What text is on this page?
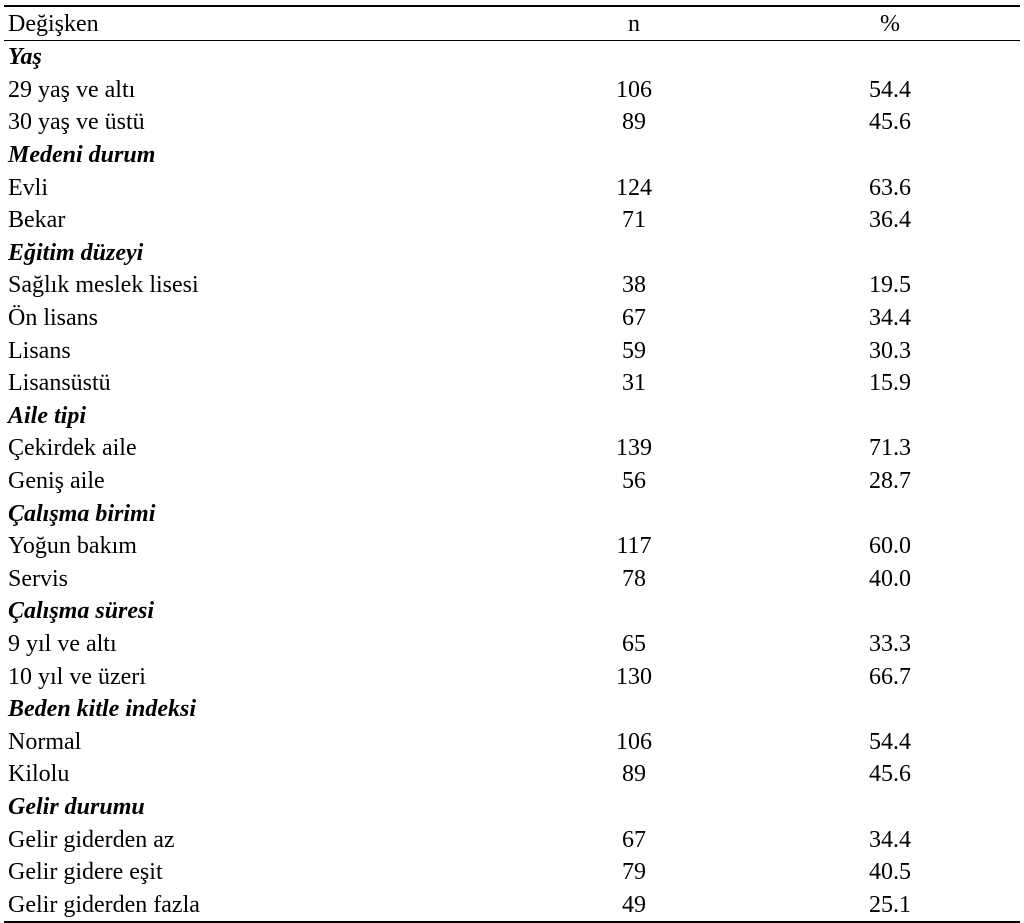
Değişken	n	%
Yaş
29 yaş ve altı	106	54.4
30 yaş ve üstü	89	45.6
Medeni durum
Evli	124	63.6
Bekar	71	36.4
Eğitim düzeyi
Sağlık meslek lisesi	38	19.5
Ön lisans	67	34.4
Lisans	59	30.3
Lisansüstü	31	15.9
Aile tipi
Çekirdek aile	139	71.3
Geniş aile	56	28.7
Çalışma birimi
Yoğun bakım	117	60.0
Servis	78	40.0
Çalışma süresi
9 yıl ve altı	65	33.3
10 yıl ve üzeri	130	66.7
Beden kitle indeksi
Normal	106	54.4
Kilolu	89	45.6
Gelir durumu
Gelir giderden az	67	34.4
Gelir gidere eşit	79	40.5
Gelir giderden fazla	49	25.1
